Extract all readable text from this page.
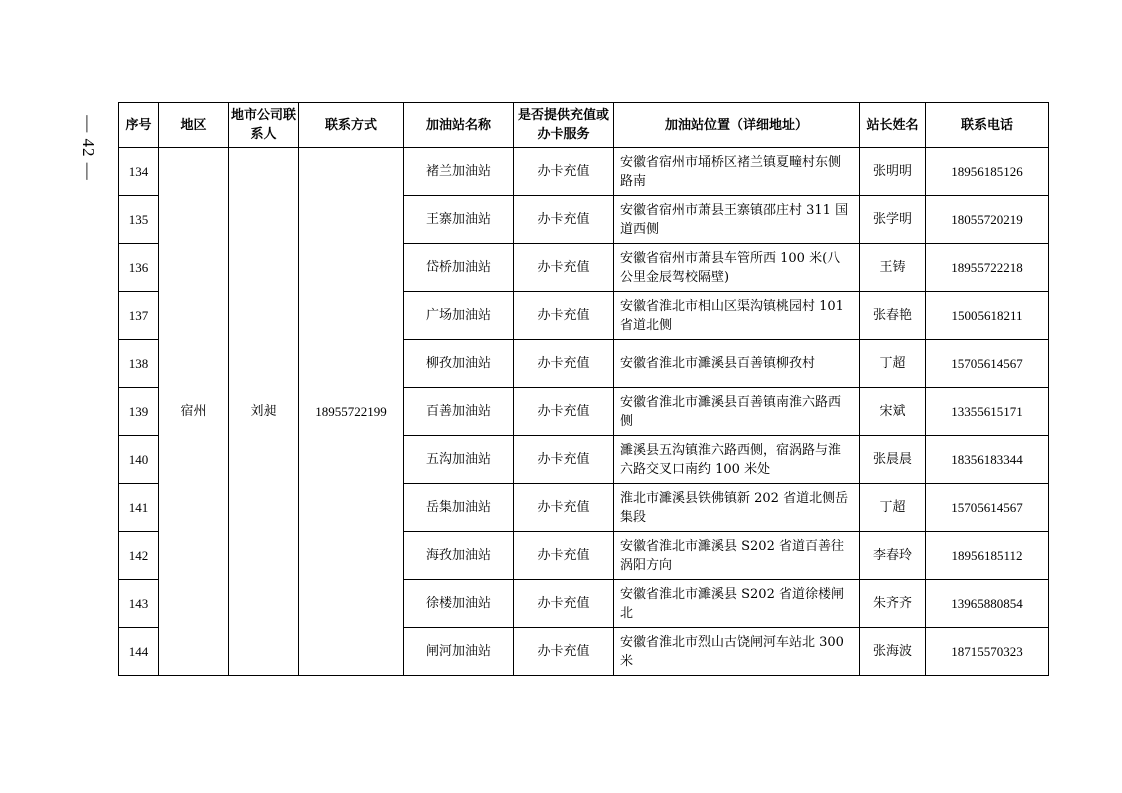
— 42 — 序号	地区	地市公司联系人	联系方式	加油站名称	是否提供充值或办卡服务	加油站位置（详细地址）	站长姓名	联系电话
134	宿州	刘昶	18955722199	褚兰加油站	办卡充值	安徽省宿州市埇桥区褚兰镇夏疃村东侧路南	张明明	18956185126
135				王寨加油站	办卡充值	安徽省宿州市萧县王寨镇邵庄村 311 国道西侧	张学明	18055720219
136				岱桥加油站	办卡充值	安徽省宿州市萧县车管所西 100 米(八公里金辰驾校隔壁)	王铸	18955722218
137				广场加油站	办卡充值	安徽省淮北市相山区渠沟镇桃园村 101 省道北侧	张春艳	15005618211
138				柳孜加油站	办卡充值	安徽省淮北市濉溪县百善镇柳孜村	丁超	15705614567
139				百善加油站	办卡充值	安徽省淮北市濉溪县百善镇南淮六路西侧	宋斌	13355615171
140				五沟加油站	办卡充值	濉溪县五沟镇淮六路西侧，宿涡路与淮六路交叉口南约 100 米处	张晨晨	18356183344
141				岳集加油站	办卡充值	淮北市濉溪县铁佛镇新 202 省道北侧岳集段	丁超	15705614567
142				海孜加油站	办卡充值	安徽省淮北市濉溪县 S202 省道百善往涡阳方向	李春玲	18956185112
143				徐楼加油站	办卡充值	安徽省淮北市濉溪县 S202 省道徐楼闸北	朱齐齐	13965880854
144				闸河加油站	办卡充值	安徽省淮北市烈山古饶闸河车站北 300 米	张海波	18715570323
